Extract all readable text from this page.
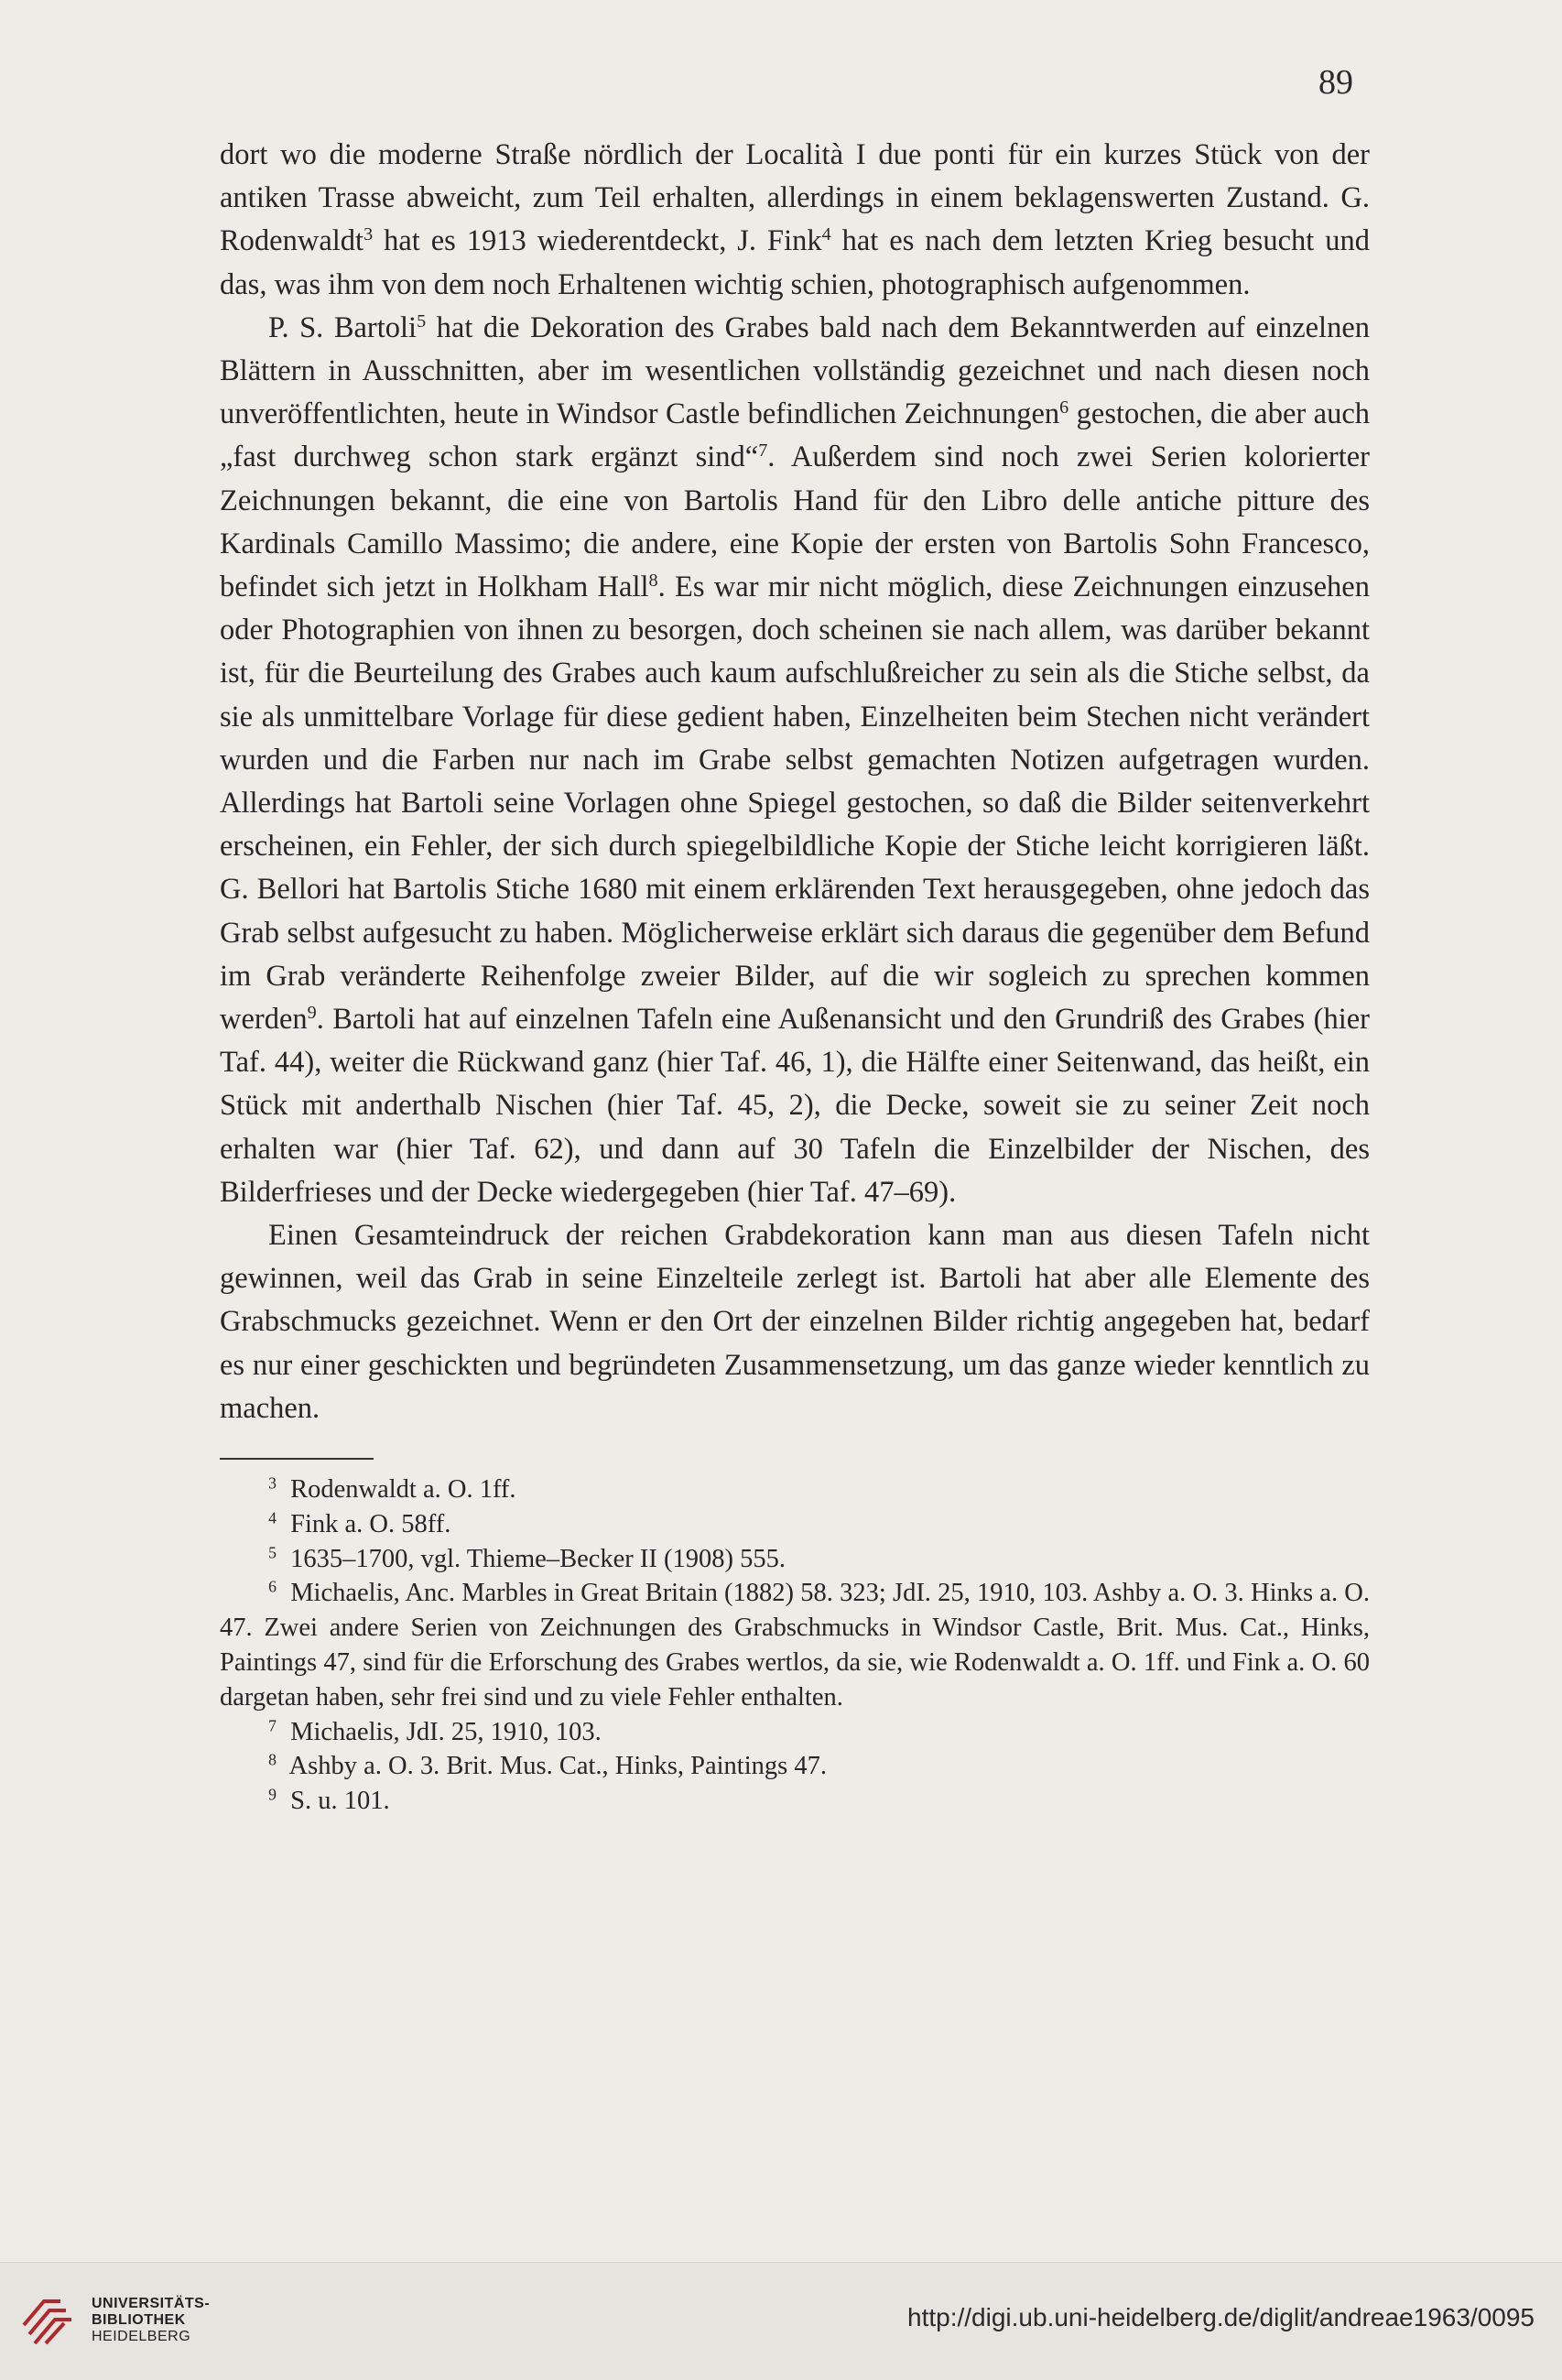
89

dort wo die moderne Straße nördlich der Località I due ponti für ein kurzes Stück von der antiken Trasse abweicht, zum Teil erhalten, allerdings in einem beklagenswerten Zustand. G. Rodenwaldt$^3$ hat es 1913 wiederentdeckt, J. Fink$^4$ hat es nach dem letzten Krieg besucht und das, was ihm von dem noch Erhaltenen wichtig schien, photographisch aufgenommen.

P. S. Bartoli$^5$ hat die Dekoration des Grabes bald nach dem Bekanntwerden auf einzelnen Blättern in Ausschnitten, aber im wesentlichen vollständig gezeichnet und nach diesen noch unveröffentlichten, heute in Windsor Castle befindlichen Zeichnungen$^6$ gestochen, die aber auch „fast durchweg schon stark ergänzt sind“$^7$. Außerdem sind noch zwei Serien kolorierter Zeichnungen bekannt, die eine von Bartolis Hand für den Libro delle antiche pitture des Kardinals Camillo Massimo; die andere, eine Kopie der ersten von Bartolis Sohn Francesco, befindet sich jetzt in Holkham Hall$^8$. Es war mir nicht möglich, diese Zeichnungen einzusehen oder Photographien von ihnen zu besorgen, doch scheinen sie nach allem, was darüber bekannt ist, für die Beurteilung des Grabes auch kaum aufschlußreicher zu sein als die Stiche selbst, da sie als unmittelbare Vorlage für diese gedient haben, Einzelheiten beim Stechen nicht verändert wurden und die Farben nur nach im Grabe selbst gemachten Notizen aufgetragen wurden. Allerdings hat Bartoli seine Vorlagen ohne Spiegel gestochen, so daß die Bilder seitenverkehrt erscheinen, ein Fehler, der sich durch spiegelbildliche Kopie der Stiche leicht korrigieren läßt. G. Bellori hat Bartolis Stiche 1680 mit einem erklärenden Text herausgegeben, ohne jedoch das Grab selbst aufgesucht zu haben. Möglicherweise erklärt sich daraus die gegenüber dem Befund im Grab veränderte Reihenfolge zweier Bilder, auf die wir sogleich zu sprechen kommen werden$^9$. Bartoli hat auf einzelnen Tafeln eine Außenansicht und den Grundriß des Grabes (hier Taf. 44), weiter die Rückwand ganz (hier Taf. 46, 1), die Hälfte einer Seitenwand, das heißt, ein Stück mit anderthalb Nischen (hier Taf. 45, 2), die Decke, soweit sie zu seiner Zeit noch erhalten war (hier Taf. 62), und dann auf 30 Tafeln die Einzelbilder der Nischen, des Bilderfrieses und der Decke wiedergegeben (hier Taf. 47–69).

Einen Gesamteindruck der reichen Grabdekoration kann man aus diesen Tafeln nicht gewinnen, weil das Grab in seine Einzelteile zerlegt ist. Bartoli hat aber alle Elemente des Grabschmucks gezeichnet. Wenn er den Ort der einzelnen Bilder richtig angegeben hat, bedarf es nur einer geschickten und begründeten Zusammensetzung, um das ganze wieder kenntlich zu machen.

$^3$ Rodenwaldt a. O. 1ff.

$^4$ Fink a. O. 58ff.

$^5$ 1635–1700, vgl. Thieme–Becker II (1908) 555.

$^6$ Michaelis, Anc. Marbles in Great Britain (1882) 58. 323; JdI. 25, 1910, 103. Ashby a. O. 3. Hinks a. O. 47. Zwei andere Serien von Zeichnungen des Grabschmucks in Windsor Castle, Brit. Mus. Cat., Hinks, Paintings 47, sind für die Erforschung des Grabes wertlos, da sie, wie Rodenwaldt a. O. 1ff. und Fink a. O. 60 dargetan haben, sehr frei sind und zu viele Fehler enthalten.

$^7$ Michaelis, JdI. 25, 1910, 103.

$^8$ Ashby a. O. 3. Brit. Mus. Cat., Hinks, Paintings 47.

$^9$ S. u. 101.

UNIVERSITÄTS-
BIBLIOTHEK
HEIDELBERG
http://digi.ub.uni-heidelberg.de/diglit/andreae1963/0095
